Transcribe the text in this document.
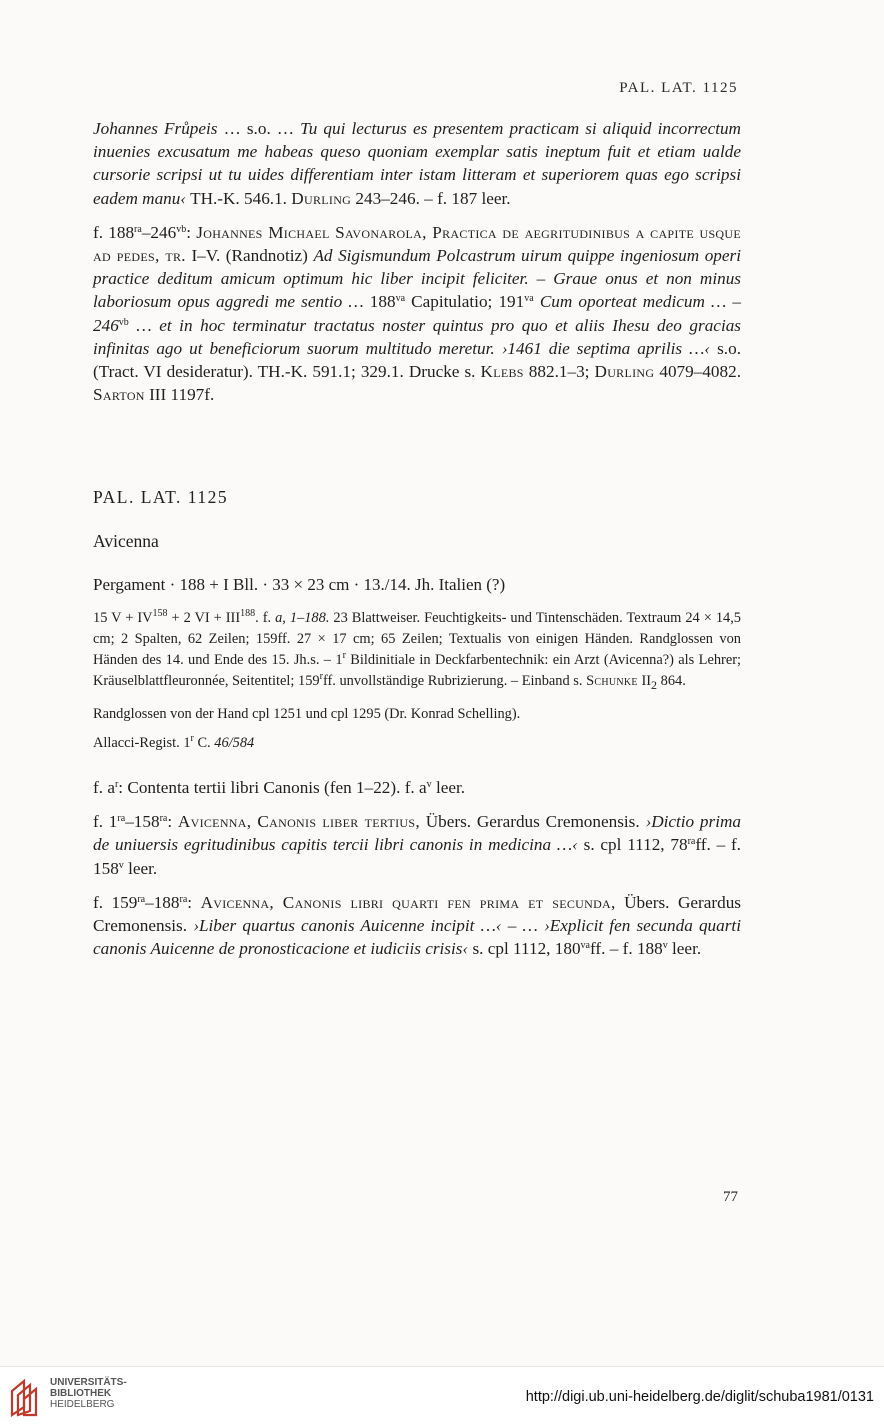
PAL. LAT. 1125

Johannes Frůpeis … s.o. … Tu qui lecturus es presentem practicam si aliquid incorrectum inuenies excusatum me habeas queso quoniam exemplar satis ineptum fuit et etiam ualde cursorie scripsi ut tu uides differentiam inter istam litteram et superiorem quas ego scripsi eadem manu‹ TH.-K. 546.1. Durling 243–246. – f. 187 leer.

f. $188^{ra}-246^{vb}$: Johannes Michael Savonarola, Practica de aegritudinibus a capite usque ad pedes, tr. I–V. (Randnotiz) Ad Sigismundum Polcastrum uirum quippe ingeniosum operi practice deditum amicum optimum hic liber incipit feliciter. – Graue onus et non minus laboriosum opus aggredi me sentio … $188^{va}$ Capitulatio; $191^{va}$ Cum oporteat medicum … – $246^{vb}$ … et in hoc terminatur tractatus noster quintus pro quo et aliis Ihesu deo gracias infinitas ago ut beneficiorum suorum multitudo meretur. ›1461 die septima aprilis …‹ s.o. (Tract. VI desideratur). TH.-K. 591.1; 329.1. Drucke s. Klebs 882.1–3; Durling 4079–4082. Sarton III 1197f.

PAL. LAT. 1125

Avicenna

Pergament · 188 + I Bll. · 33 × 23 cm · 13./14. Jh. Italien (?)

15 $V + IV^{158} + 2$ VI + $III^{188}$. f. a, 1–188. 23 Blattweiser. Feuchtigkeits- und Tintenschäden. Textraum 24 × 14,5 cm; 2 Spalten, 62 Zeilen; 159ff. 27 × 17 cm; 65 Zeilen; Textualis von einigen Händen. Randglossen von Händen des 14. und Ende des 15. Jh.s. – 1$^r$ Bildinitiale in Deckfarbentechnik: ein Arzt (Avicenna?) als Lehrer; Kräuselblattfleuronnée, Seitentitel; 159$^r$ff. unvollständige Rubrizierung. – Einband s. Schunke $II_2$ 864.

Randglossen von der Hand cpl 1251 und cpl 1295 (Dr. Konrad Schelling).

Allacci-Regist. 1$^r$ C. 46/584

f. $a^r$: Contenta tertii libri Canonis (fen 1–22). f. $a^v$ leer.

f. $1^{ra}-158^{ra}$: Avicenna, Canonis liber tertius, Übers. Gerardus Cremonensis. ›Dictio prima de uniuersis egritudinibus capitis tercii libri canonis in medicina …‹ s. cpl 1112, $78^{ra}ff$. – f. 158$^v$ leer.

f. $159^{ra}-188^{ra}$: Avicenna, Canonis libri quarti fen prima et secunda, Übers. Gerardus Cremonensis. ›Liber quartus canonis Auicenne incipit …‹ – … ›Explicit fen secunda quarti canonis Auicenne de pronosticacione et iudiciis crisis‹ s. cpl 1112, $180^{va}ff$. – f. 188$^v$ leer.

77
UNIVERSITÄTS-
BIBLIOTHEK
HEIDELBERG	http://digi.ub.uni-heidelberg.de/diglit/schuba1981/0131
